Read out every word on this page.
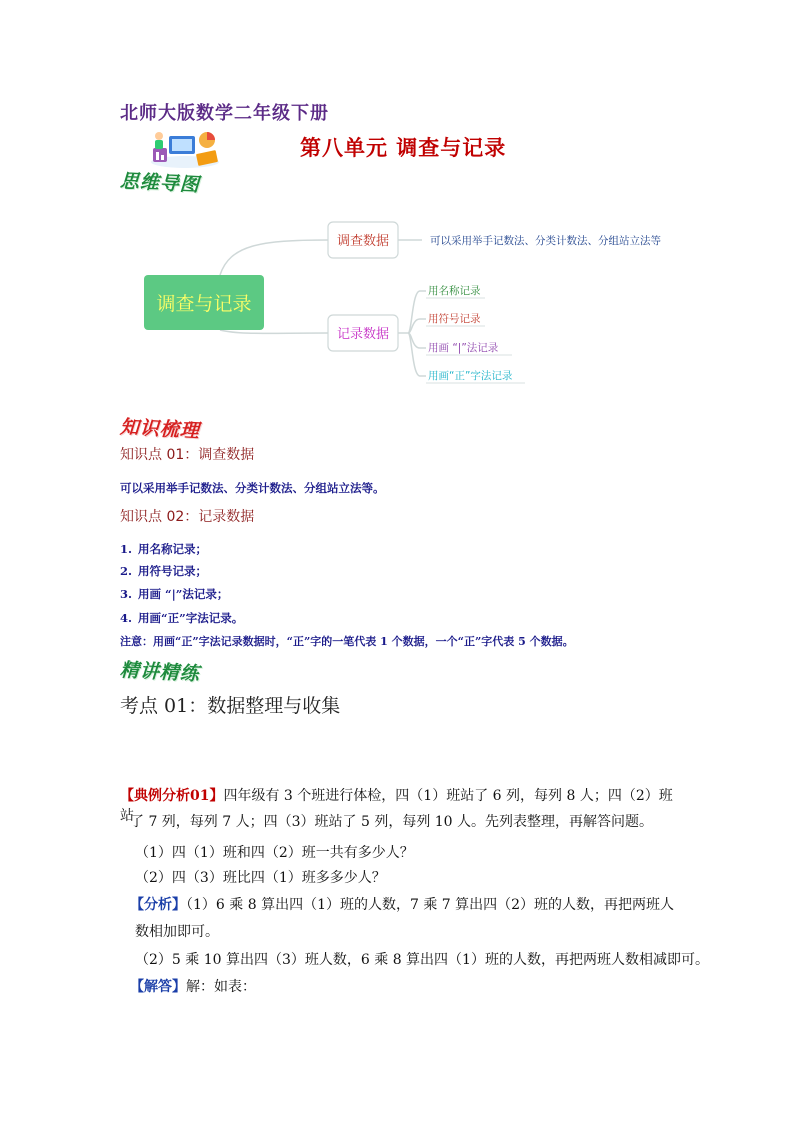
北师大版数学二年级下册
第八单元 调查与记录
思维导图
调查与记录
调查数据	可以采用举手记数法、分类计数法、分组站立法等
记录数据
用名称记录
用符号记录
用画 “|”法记录
用画“正”字法记录
知识梳理
知识点 01：调查数据
可以采用举手记数法、分类计数法、分组站立法等。
知识点 02：记录数据
1. 用名称记录；
2. 用符号记录；
3. 用画 “|”法记录；
4. 用画“正”字法记录。
注意：用画“正”字法记录数据时，“正”字的一笔代表 1 个数据，一个“正”字代表 5 个数据。
精讲精练
考点 01：数据整理与收集
【典例分析01】四年级有 3 个班进行体检，四（1）班站了 6 列，每列 8 人；四（2）班站
了 7 列，每列 7 人；四（3）班站了 5 列，每列 10 人。先列表整理，再解答问题。
（1）四（1）班和四（2）班一共有多少人？
（2）四（3）班比四（1）班多多少人？
【分析】（1）6 乘 8 算出四（1）班的人数，7 乘 7 算出四（2）班的人数，再把两班人
数相加即可。
（2）5 乘 10 算出四（3）班人数，6 乘 8 算出四（1）班的人数，再把两班人数相减即可。
【解答】解：如表：
